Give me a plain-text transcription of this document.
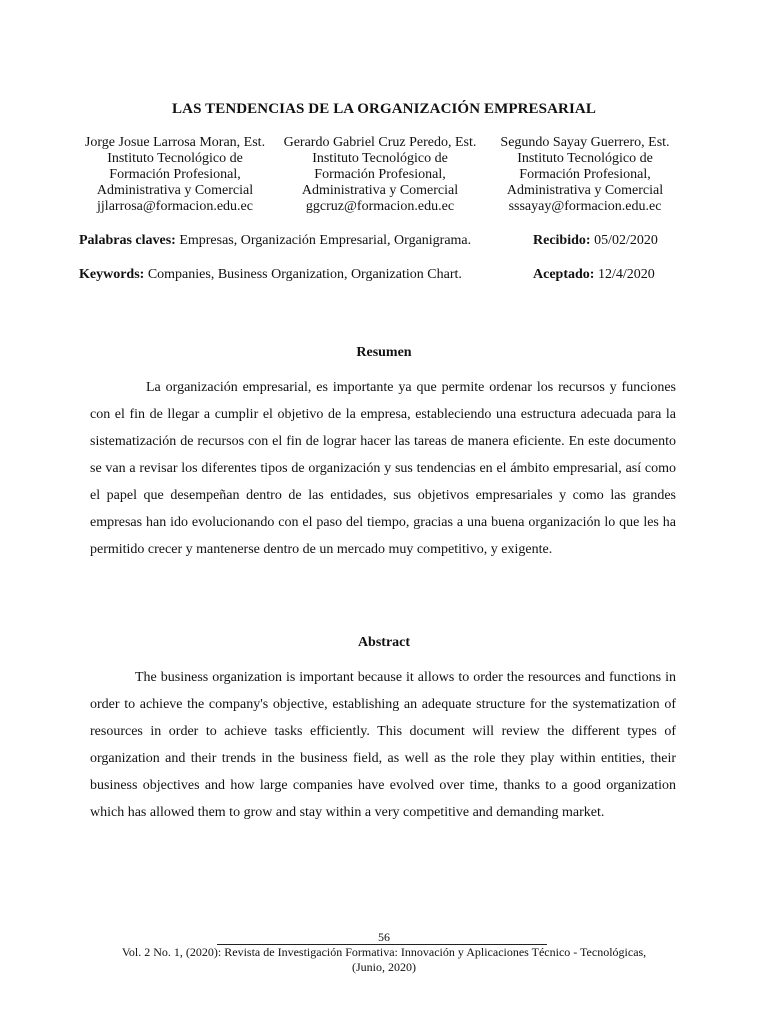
LAS TENDENCIAS DE LA ORGANIZACIÓN EMPRESARIAL
Jorge Josue Larrosa Moran, Est.
Instituto Tecnológico de
Formación Profesional,
Administrativa y Comercial
jjlarrosa@formacion.edu.ec
Gerardo Gabriel Cruz Peredo, Est.
Instituto Tecnológico de
Formación Profesional,
Administrativa y Comercial
ggcruz@formacion.edu.ec
Segundo Sayay Guerrero, Est.
Instituto Tecnológico de
Formación Profesional,
Administrativa y Comercial
sssayay@formacion.edu.ec
Palabras claves: Empresas, Organización Empresarial, Organigrama.	Recibido: 05/02/2020
Keywords: Companies, Business Organization, Organization Chart.	Aceptado: 12/4/2020
Resumen

La organización empresarial, es importante ya que permite ordenar los recursos y funciones con el fin de llegar a cumplir el objetivo de la empresa, estableciendo una estructura adecuada para la sistematización de recursos con el fin de lograr hacer las tareas de manera eficiente. En este documento se van a revisar los diferentes tipos de organización y sus tendencias en el ámbito empresarial, así como el papel que desempeñan dentro de las entidades, sus objetivos empresariales y como las grandes empresas han ido evolucionando con el paso del tiempo, gracias a una buena organización lo que les ha permitido crecer y mantenerse dentro de un mercado muy competitivo, y exigente.

Abstract

The business organization is important because it allows to order the resources and functions in order to achieve the company's objective, establishing an adequate structure for the systematization of resources in order to achieve tasks efficiently. This document will review the different types of organization and their trends in the business field, as well as the role they play within entities, their business objectives and how large companies have evolved over time, thanks to a good organization which has allowed them to grow and stay within a very competitive and demanding market.

56
Vol. 2 No. 1, (2020): Revista de Investigación Formativa: Innovación y Aplicaciones Técnico - Tecnológicas,
(Junio, 2020)
